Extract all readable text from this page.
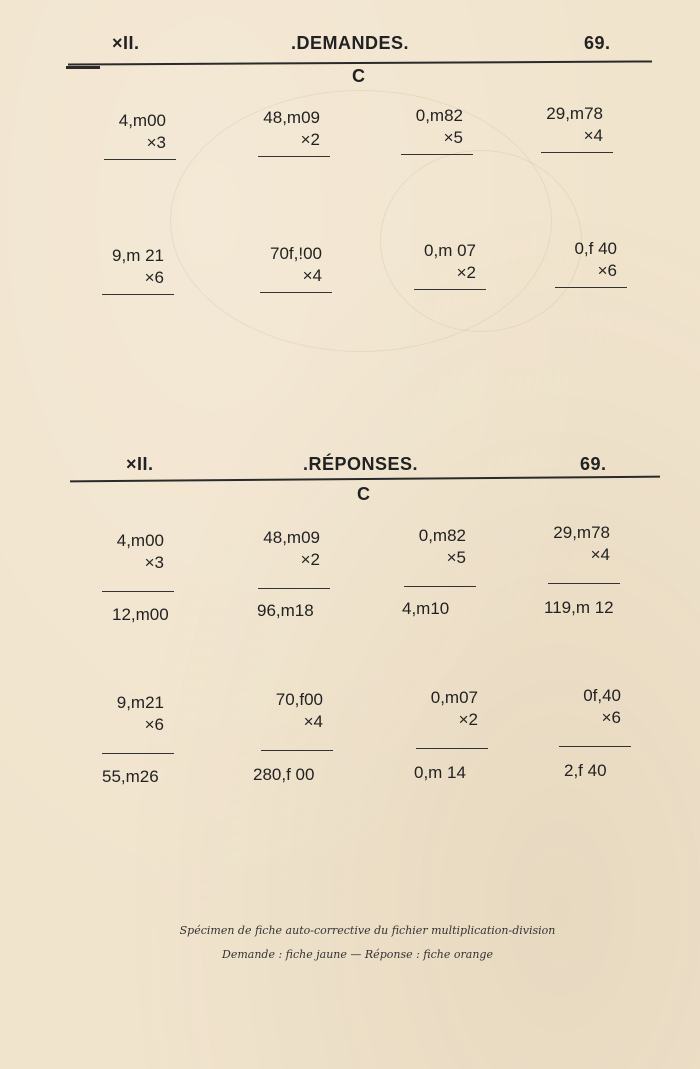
×II.	.DEMANDES.	69.
C
4,m00
×3
48,m09
×2
0,m82
×5
29,m78
×4
9,m 21
×6
70f,!00
×4
0,m 07
×2
0,f 40
×6
×II.	.RÉPONSES.	69.
C
4,m00
×3
12,m00
48,m09
×2
96,m18
0,m82
×5
4,m10
29,m78
×4
119,m 12
9,m21
×6
55,m26
70,f00
×4
280,f 00
0,m07
×2
0,m 14
0f,40
×6
2,f 40
Spécimen de fiche auto-corrective du fichier multiplication-division
Demande : fiche jaune — Réponse : fiche orange
